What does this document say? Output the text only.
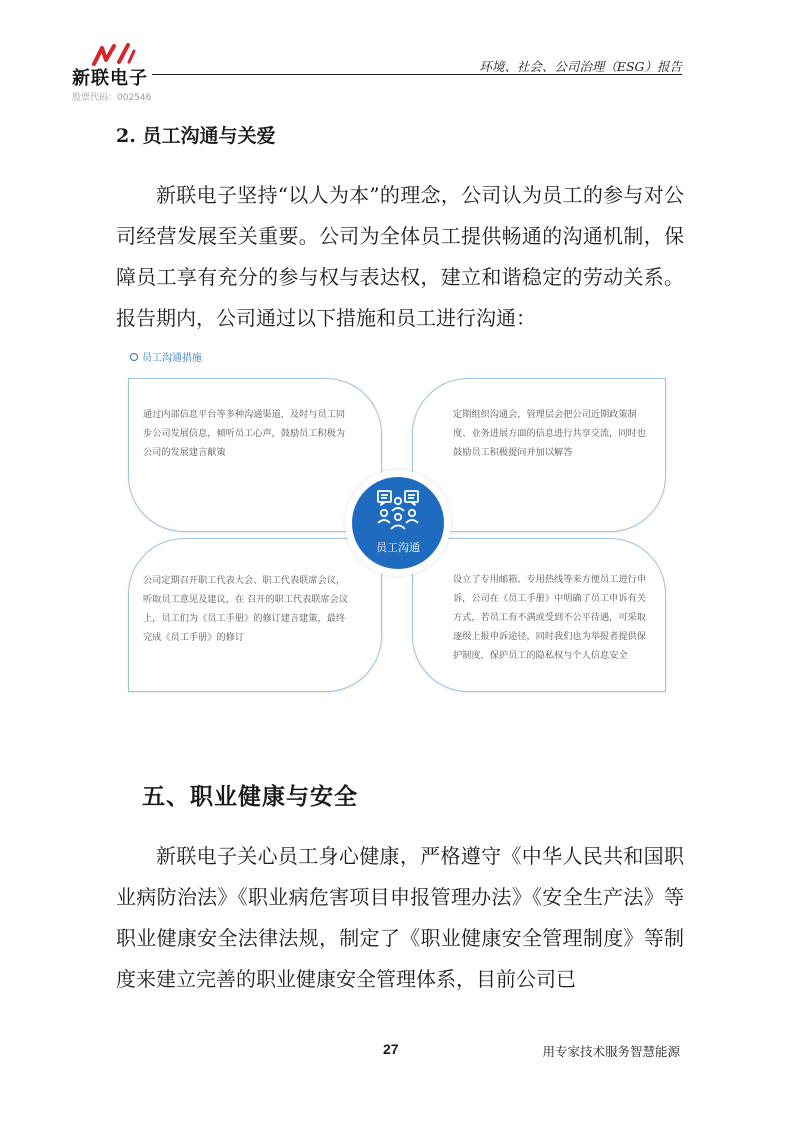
新联电子
股票代码：002546
环境、社会、公司治理（ESG）报告
2. 员工沟通与关爱

新联电子坚持“以人为本”的理念，公司认为员工的参与对公司经营发展至关重要。公司为全体员工提供畅通的沟通机制，保障员工享有充分的参与权与表达权，建立和谐稳定的劳动关系。报告期内，公司通过以下措施和员工进行沟通：

员工沟通措施
通过内部信息平台等多种沟通渠道，及时与员工同步公司发展信息，倾听员工心声，鼓励员工积极为公司的发展建言献策
定期组织沟通会，管理层会把公司近期政策制度、业务进展方面的信息进行共享交流，同时也鼓励员工积极提问并加以解答
公司定期召开职工代表大会、职工代表联席会议，听取员工意见及建议，在 召开的职工代表联席会议上，员工们为《员工手册》的修订建言建策，最终完成《员工手册》的修订
设立了专用邮箱、专用热线等来方便员工进行申诉，公司在《员工手册》中明确了员工申诉有关方式，若员工有不满或受到不公平待遇，可采取逐级上报申诉途径，同时我们也为举报者提供保护制度，保护员工的隐私权与个人信息安全
员工沟通
五、职业健康与安全

新联电子关心员工身心健康，严格遵守《中华人民共和国职业病防治法》《职业病危害项目申报管理办法》《安全生产法》等职业健康安全法律法规，制定了《职业健康安全管理制度》等制度来建立完善的职业健康安全管理体系，目前公司已

27	用专家技术服务智慧能源
